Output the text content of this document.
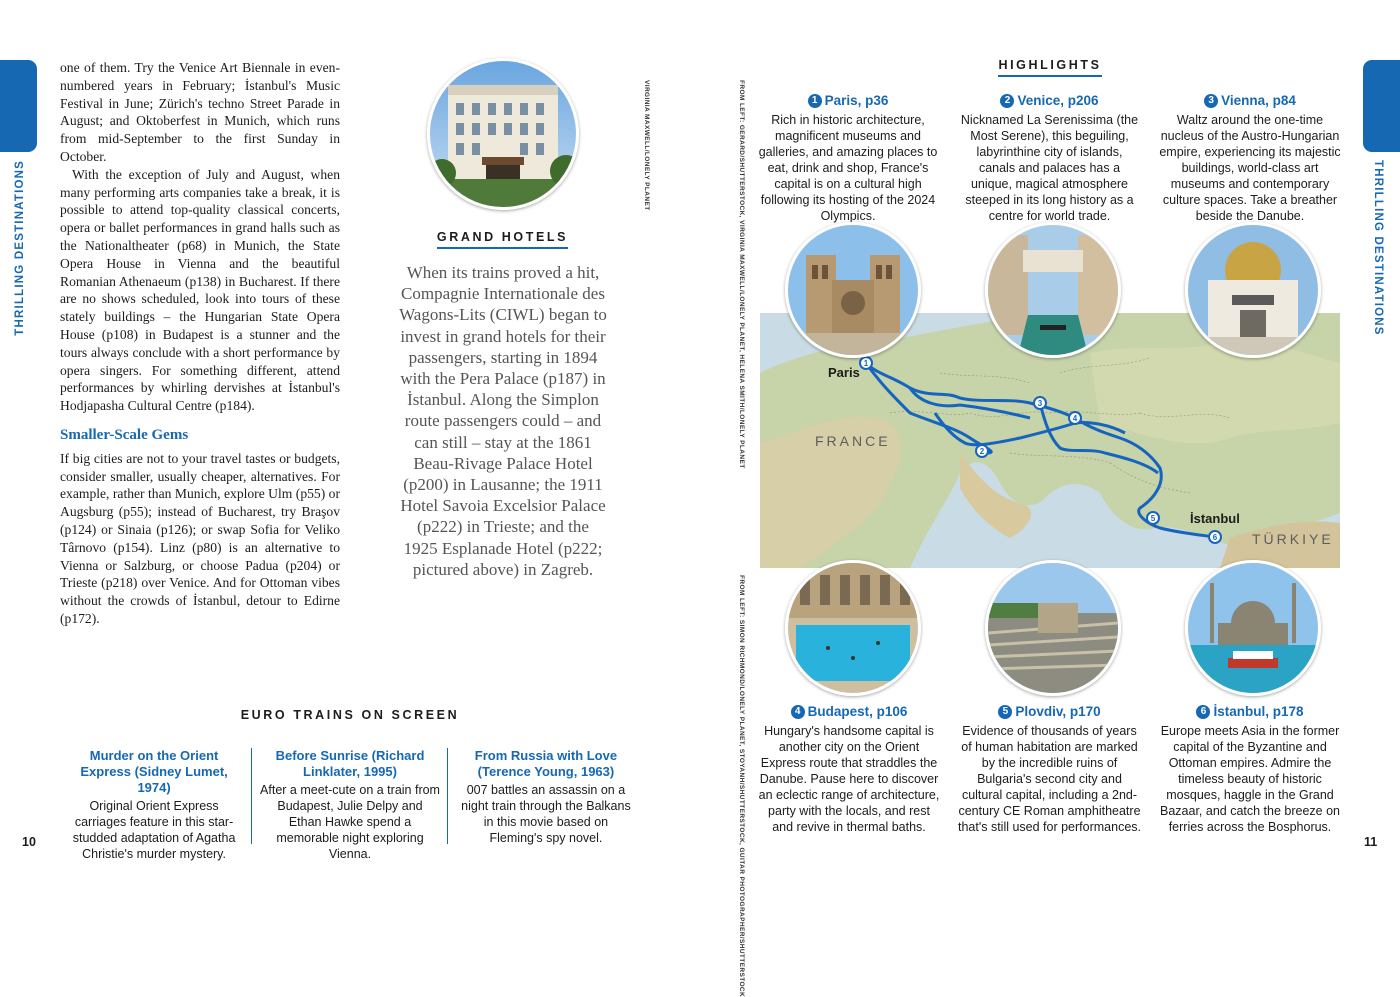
THRILLING DESTINATIONS	THRILLING DESTINATIONS

one of them. Try the Venice Art Biennale in even-numbered years in February; İstanbul's Music Festival in June; Zürich's techno Street Parade in August; and Oktoberfest in Munich, which runs from mid-September to the first Sunday in October.

With the exception of July and August, when many performing arts companies take a break, it is possible to attend top-quality classical concerts, opera or ballet performances in grand halls such as the Nationaltheater (p68) in Munich, the State Opera House in Vienna and the beautiful Romanian Athenaeum (p138) in Bucharest. If there are no shows scheduled, look into tours of these stately buildings – the Hungarian State Opera House (p108) in Budapest is a stunner and the tours always conclude with a short performance by opera singers. For something different, attend performances by whirling dervishes at İstanbul's Hodjapasha Cultural Centre (p184).

Smaller-Scale Gems

If big cities are not to your travel tastes or budgets, consider smaller, usually cheaper, alternatives. For example, rather than Munich, explore Ulm (p55) or Augsburg (p55); instead of Bucharest, try Braşov (p124) or Sinaia (p126); or swap Sofia for Veliko Târnovo (p154). Linz (p80) is an alternative to Vienna or Salzburg, or choose Padua (p204) or Trieste (p218) over Venice. And for Ottoman vibes without the crowds of İstanbul, detour to Edirne (p172).

VIRGINIA MAXWELL/LONELY PLANET
GRAND HOTELS
When its trains proved a hit, Compagnie Internationale des Wagons-Lits (CIWL) began to invest in grand hotels for their passengers, starting in 1894 with the Pera Palace (p187) in İstanbul. Along the Simplon route passengers could – and can still – stay at the 1861 Beau-Rivage Palace Hotel (p200) in Lausanne; the 1911 Hotel Savoia Excelsior Palace (p222) in Trieste; and the 1925 Esplanade Hotel (p222; pictured above) in Zagreb.
EURO TRAINS ON SCREEN
Murder on the Orient Express (Sidney Lumet, 1974)
Original Orient Express carriages feature in this star-studded adaptation of Agatha Christie's murder mystery.
Before Sunrise (Richard Linklater, 1995)
After a meet-cute on a train from Budapest, Julie Delpy and Ethan Hawke spend a memorable night exploring Vienna.
From Russia with Love (Terence Young, 1963)
007 battles an assassin on a night train through the Balkans in this movie based on Fleming's spy novel.
10	11
HIGHLIGHTS
FROM LEFT: GERARD/SHUTTERSTOCK, VIRGINIA MAXWELL/LONELY PLANET, HELENA SMITH/LONELY PLANET
FROM LEFT: SIMON RICHMOND/LONELY PLANET, STOYANH/SHUTTERSTOCK, GUITAR PHOTOGRAPHER/SHUTTERSTOCK
1 Paris, p36
Rich in historic architecture, magnificent museums and galleries, and amazing places to eat, drink and shop, France's capital is on a cultural high following its hosting of the 2024 Olympics.
2 Venice, p206
Nicknamed La Serenissima (the Most Serene), this beguiling, labyrinthine city of islands, canals and palaces has a unique, magical atmosphere steeped in its long history as a centre for world trade.
3 Vienna, p84
Waltz around the one-time nucleus of the Austro-Hungarian empire, experiencing its majestic buildings, world-class art museums and contemporary culture spaces. Take a breather beside the Danube.
1
2
3
4
5
6
Paris
İstanbul
FRANCE
TÜRKIYE
4 Budapest, p106
Hungary's handsome capital is another city on the Orient Express route that straddles the Danube. Pause here to discover an eclectic range of architecture, party with the locals, and rest and revive in thermal baths.
5 Plovdiv, p170
Evidence of thousands of years of human habitation are marked by the incredible ruins of Bulgaria's second city and cultural capital, including a 2nd-century CE Roman amphitheatre that's still used for performances.
6 İstanbul, p178
Europe meets Asia in the former capital of the Byzantine and Ottoman empires. Admire the timeless beauty of historic mosques, haggle in the Grand Bazaar, and catch the breeze on ferries across the Bosphorus.
